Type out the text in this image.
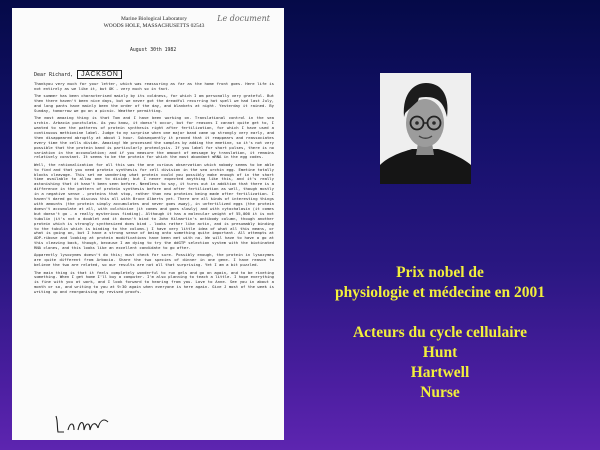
Marine Biological Laboratory
WOODS HOLE, MASSACHUSETTS 02543
Le document
August 30th 1982
Dear Richard,	JACKSON

Thankyou very much for your letter, which was reassuring as far as the home front goes. Here life is not entirely as we like it, but OK - very much so in fact.

The summer has been characterised mainly by its coldness, for which I am personally very grateful. But then there haven't been nice days, but we never got the dreadful recurring hot spell we had last July, and long pants have mainly been the order of the day, and blankets at night. Yesterday it rained. By Sunday, tomorrow we go on a picnic. Weather permitting.

The most amazing thing is that Tom and I have been working on. Translational control in the sea urchin. Arbacia punctulata. As you know, it doesn't occur, but for reasons I cannot quite get to, I wanted to see the patterns of protein synthesis right after fertilization, for which I have used a continuous methionine label. Judge to my surprise when one major band came up strongly very early, and then disappeared abruptly at about 1 hour. Subsequently it proved that it reappears and reassociates every time the cells divide. Amazing! We processed the samples by adding the emetine, so it's not very possible that the protein band is particularly proteolysis. If you label for short pulses, there is no variation in the accumulation; and if you measure the amount of message by translation, it remains relatively constant. It seems to be the protein for which the most abundant mRNA in the egg codes.

Well, the rationalization for all this was the one curious observation which nobody seems to be able to find and that you need protein synthesis for cell division in the sea urchin egg. Emetine totally blocks cleavage. This set me wondering what protein could you possibly make enough of in the short time available to allow one to divide; but I never expected anything like this, and it's really astonishing that it hasn't been seen before. Needless to say, it turns out in addition that there is a difference in the pattern of protein synthesis before and after fertilization as well, though mostly in a negative sense - proteins that stop, rather than new proteins being made after fertilization. I haven't dared go to discuss this all with Bruce Alberts yet. There are all kinds of interesting things with amounts (the protein simply accumulates and never goes away), in unfertilized eggs (the protein doesn't accumulate at all, with colchicine (it comes and goes slowly) and with cytochalasin (it comes but doesn't go - a really mysterious finding). Although it has a molecular weight of 55,000 it is not tubulin (it's not a doublet and it doesn't bind to John Kilmartin's antibody column, though another protein which is strongly synthesized does bind - looks rather like actin, and is presumably binding to the tubulin which is binding to the column.) I have very little idea of what all this means, or what is going on, but I have a strong sense of being onto something quite important. All attempts at ADP-ribose and looking at protein modifications have been met with no. We will have to have a go at this cleaving back, though, because I am dying to try the ddGTP selection system with the biotinated RNA clones, and this looks like an excellent candidate to go after.

Apparently lysozymes doesn't do this; must check for sure. Possibly enough, the protein in lysozymes are quite different from Arbacia. Share the two species of dinner in one gene. I have reason to believe the two are related, so our results are not all that surprising. Yet I am a bit puzzled.

The main thing is that it feels completely wonderful to run gels and go on again, and to be riveting something. When I get home I'll buy a computer. I'm also planning to teach a little. I hope everything is fine with you at work, and I look forward to hearing from you. Love to Anne. See you in about a month or so, and writing to you at 9:30 again when everyone is here again. Give J most of the week is writing up and reorganising my revised proofs.

Prix nobel de
physiologie et médecine en 2001
Acteurs du cycle cellulaire
Hunt
Hartwell
Nurse
